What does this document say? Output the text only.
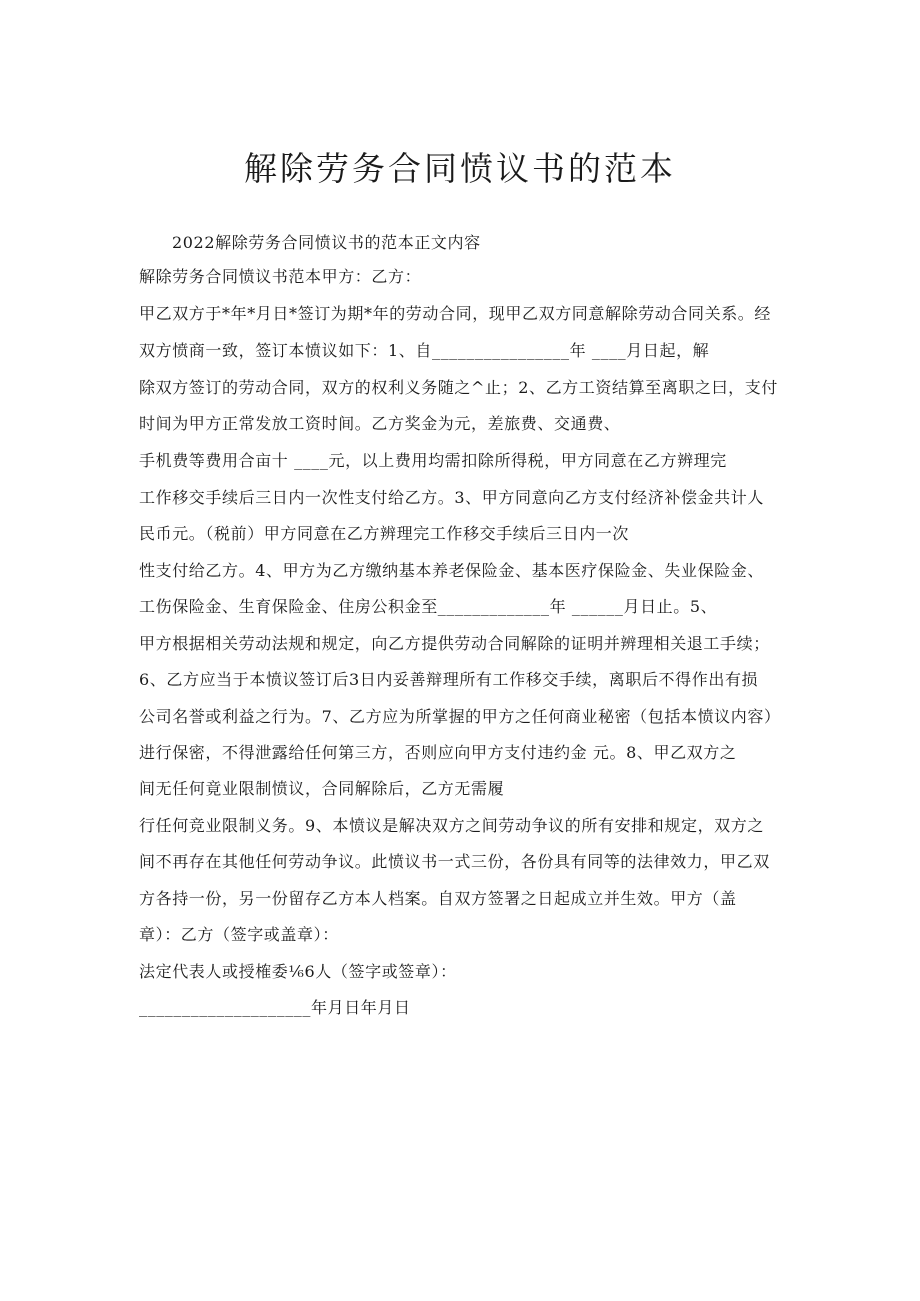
解除劳务合同愤议书的范本
2022解除劳务合同愤议书的范本正文内容
解除劳务合同愤议书范本甲方：乙方：
甲乙双方于*年*月日*签订为期*年的劳动合同，现甲乙双方同意解除劳动合同关系。经
双方愤商一致，签订本愤议如下：1、自________________年 ____月日起，解
除双方签订的劳动合同，双方的权利义务随之^止；2、乙方工资结算至离职之曰，支付
时间为甲方正常发放工资时间。乙方奖金为元，差旅费、交通费、
手机费等费用合亩十 ____元，以上费用均需扣除所得税，甲方同意在乙方辨理完
工作移交手续后三日内一次性支付给乙方。3、甲方同意向乙方支付经济补偿金共计人
民币元。（税前）甲方同意在乙方辨理完工作移交手续后三日内一次
性支付给乙方。4、甲方为乙方缴纳基本养老保险金、基本医疗保险金、失业保险金、
工伤保险金、生育保险金、住房公积金至_____________年 ______月日止。5、
甲方根据相关劳动法规和规定，向乙方提供劳动合同解除的证明并辨理相关退工手续；
6、乙方应当于本愤议签订后3日内妥善辩理所有工作移交手续，离职后不得作出有损
公司名誉或利益之行为。7、乙方应为所掌握的甲方之任何商业秘密（包括本愤议内容）
进行保密，不得泄露给任何第三方，否则应向甲方支付违约金 元。8、甲乙双方之
间无任何竟业限制愤议，合同解除后，乙方无需履
行任何竞业限制义务。9、本愤议是解决双方之间劳动争议的所有安排和规定，双方之
间不再存在其他任何劳动争议。此愤议书一式三份，各份具有同等的法律效力，甲乙双
方各持一份，另一份留存乙方本人档案。自双方签署之日起成立并生效。甲方（盖
章）：乙方（签字或盖章）：
法定代表人或授榷委⅙6人（签字或签章）：
____________________年月日年月日
